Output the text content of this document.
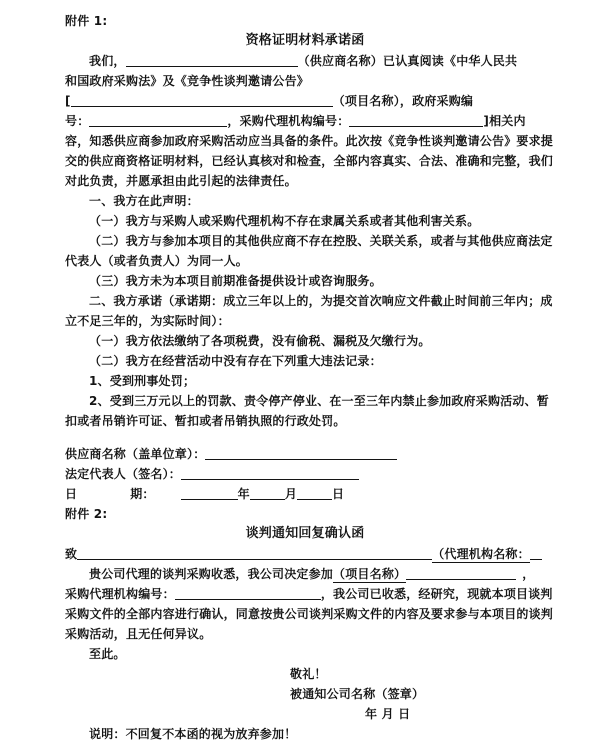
附件 1:
资格证明材料承诺函
我们，	（供应商名称）已认真阅读《中华人民共
和国政府采购法》及《竞争性谈判邀请公告》
[	（项目名称），政府采购编
号：	，采购代理机构编号：	]相关内
容，知悉供应商参加政府采购活动应当具备的条件。此次按《竞争性谈判邀请公告》要求提
交的供应商资格证明材料，已经认真核对和检查，全部内容真实、合法、准确和完整，我们
对此负责，并愿承担由此引起的法律责任。
一、我方在此声明：
（一）我方与采购人或采购代理机构不存在隶属关系或者其他利害关系。
（二）我方与参加本项目的其他供应商不存在控股、关联关系，或者与其他供应商法定
代表人（或者负责人）为同一人。
（三）我方未为本项目前期准备提供设计或咨询服务。
二、我方承诺（承诺期：成立三年以上的，为提交首次响应文件截止时间前三年内；成
立不足三年的，为实际时间）：
（一）我方依法缴纳了各项税费，没有偷税、漏税及欠缴行为。
（二）我方在经营活动中没有存在下列重大违法记录：
1、受到刑事处罚；
2、受到三万元以上的罚款、责令停产停业、在一至三年内禁止参加政府采购活动、暂
扣或者吊销许可证、暂扣或者吊销执照的行政处罚。
供应商名称（盖单位章）：
法定代表人（签名）：
日	期：	年	月	日
附件 2:
谈判通知回复确认函
致	（代理机构名称：
贵公司代理的谈判采购收悉，我公司决定参加（项目名称）	，
采购代理机构编号：	，我公司已收悉，经研究，现就本项目谈判
采购文件的全部内容进行确认，同意按贵公司谈判采购文件的内容及要求参与本项目的谈判
采购活动，且无任何异议。
至此。
敬礼！
被通知公司名称（签章）
年 月 日
说明：不回复不本函的视为放弃参加！
